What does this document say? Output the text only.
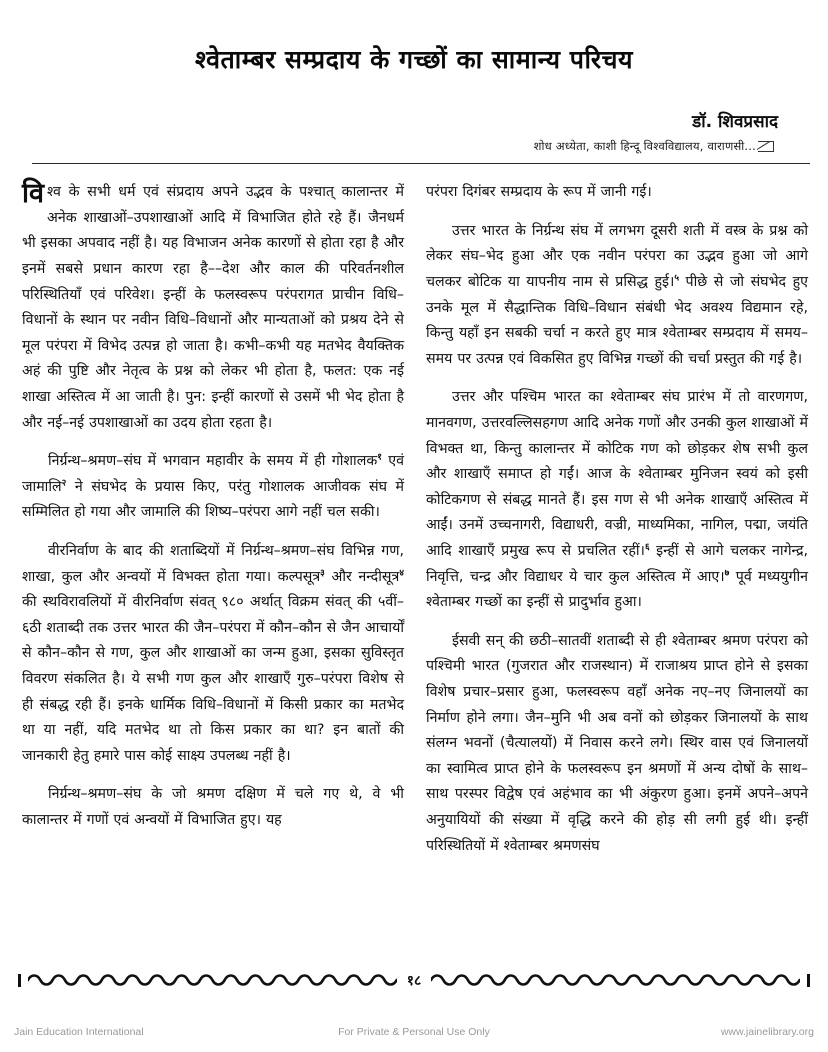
श्वेताम्बर सम्प्रदाय के गच्छों का सामान्य परिचय
डॉ. शिवप्रसाद
शोध अध्येता, काशी हिन्दू विश्वविद्यालय, वाराणसी...

विश्व के सभी धर्म एवं संप्रदाय अपने उद्भव के पश्चात् कालान्तर में अनेक शाखाओं–उपशाखाओं आदि में विभाजित होते रहे हैं। जैनधर्म भी इसका अपवाद नहीं है। यह विभाजन अनेक कारणों से होता रहा है और इनमें सबसे प्रधान कारण रहा है––देश और काल की परिवर्तनशील परिस्थितियाँ एवं परिवेश। इन्हीं के फलस्वरूप परंपरागत प्राचीन विधि–विधानों के स्थान पर नवीन विधि–विधानों और मान्यताओं को प्रश्रय देने से मूल परंपरा में विभेद उत्पन्न हो जाता है। कभी–कभी यह मतभेद वैयक्तिक अहं की पुष्टि और नेतृत्व के प्रश्न को लेकर भी होता है, फलत: एक नई शाखा अस्तित्व में आ जाती है। पुन: इन्हीं कारणों से उसमें भी भेद होता है और नई–नई उपशाखाओं का उदय होता रहता है।

निर्ग्रन्थ–श्रमण–संघ में भगवान महावीर के समय में ही गोशालक$^१$ एवं जामालि$^२$ ने संघभेद के प्रयास किए, परंतु गोशालक आजीवक संघ में सम्मिलित हो गया और जामालि की शिष्य–परंपरा आगे नहीं चल सकी।

वीरनिर्वाण के बाद की शताब्दियों में निर्ग्रन्थ–श्रमण–संघ विभिन्न गण, शाखा, कुल और अन्वयों में विभक्त होता गया। कल्पसूत्र$^३$ और नन्दीसूत्र$^४$ की स्थविरावलियों में वीरनिर्वाण संवत् ९८० अर्थात् विक्रम संवत् की ५वीं–६ठी शताब्दी तक उत्तर भारत की जैन–परंपरा में कौन–कौन से जैन आचार्यों से कौन–कौन से गण, कुल और शाखाओं का जन्म हुआ, इसका सुविस्तृत विवरण संकलित है। ये सभी गण कुल और शाखाएँ गुरु–परंपरा विशेष से ही संबद्ध रही हैं। इनके धार्मिक विधि–विधानों में किसी प्रकार का मतभेद था या नहीं, यदि मतभेद था तो किस प्रकार का था? इन बातों की जानकारी हेतु हमारे पास कोई साक्ष्य उपलब्ध नहीं है।

निर्ग्रन्थ–श्रमण–संघ के जो श्रमण दक्षिण में चले गए थे, वे भी कालान्तर में गणों एवं अन्वयों में विभाजित हुए। यह

परंपरा दिगंबर सम्प्रदाय के रूप में जानी गई।

उत्तर भारत के निर्ग्रन्थ संघ में लगभग दूसरी शती में वस्त्र के प्रश्न को लेकर संघ–भेद हुआ और एक नवीन परंपरा का उद्भव हुआ जो आगे चलकर बोटिक या यापनीय नाम से प्रसिद्ध हुई।$^५$ पीछे से जो संघभेद हुए उनके मूल में सैद्धान्तिक विधि–विधान संबंधी भेद अवश्य विद्यमान रहे, किन्तु यहाँ इन सबकी चर्चा न करते हुए मात्र श्वेताम्बर सम्प्रदाय में समय–समय पर उत्पन्न एवं विकसित हुए विभिन्न गच्छों की चर्चा प्रस्तुत की गई है।

उत्तर और पश्चिम भारत का श्वेताम्बर संघ प्रारंभ में तो वारणगण, मानवगण, उत्तरवल्लिसहगण आदि अनेक गणों और उनकी कुल शाखाओं में विभक्त था, किन्तु कालान्तर में कोटिक गण को छोड़कर शेष सभी कुल और शाखाएँ समाप्त हो गईं। आज के श्वेताम्बर मुनिजन स्वयं को इसी कोटिकगण से संबद्ध मानते हैं। इस गण से भी अनेक शाखाएँ अस्तित्व में आईं। उनमें उच्चनागरी, विद्याधरी, वज्री, माध्यमिका, नागिल, पद्मा, जयंति आदि शाखाएँ प्रमुख रूप से प्रचलित रहीं।$^६$ इन्हीं से आगे चलकर नागेन्द्र, निवृत्ति, चन्द्र और विद्याधर ये चार कुल अस्तित्व में आए।$^७$ पूर्व मध्ययुगीन श्वेताम्बर गच्छों का इन्हीं से प्रादुर्भाव हुआ।

ईसवी सन् की छठी–सातवीं शताब्दी से ही श्वेताम्बर श्रमण परंपरा को पश्चिमी भारत (गुजरात और राजस्थान) में राजाश्रय प्राप्त होने से इसका विशेष प्रचार–प्रसार हुआ, फलस्वरूप वहाँ अनेक नए–नए जिनालयों का निर्माण होने लगा। जैन–मुनि भी अब वनों को छोड़कर जिनालयों के साथ संलग्न भवनों (चैत्यालयों) में निवास करने लगे। स्थिर वास एवं जिनालयों का स्वामित्व प्राप्त होने के फलस्वरूप इन श्रमणों में अन्य दोषों के साथ–साथ परस्पर विद्वेष एवं अहंभाव का भी अंकुरण हुआ। इनमें अपने–अपने अनुयायियों की संख्या में वृद्धि करने की होड़ सी लगी हुई थी। इन्हीं परिस्थितियों में श्वेताम्बर श्रमणसंघ

१८
Jain Education International	For Private & Personal Use Only	www.jainelibrary.org
